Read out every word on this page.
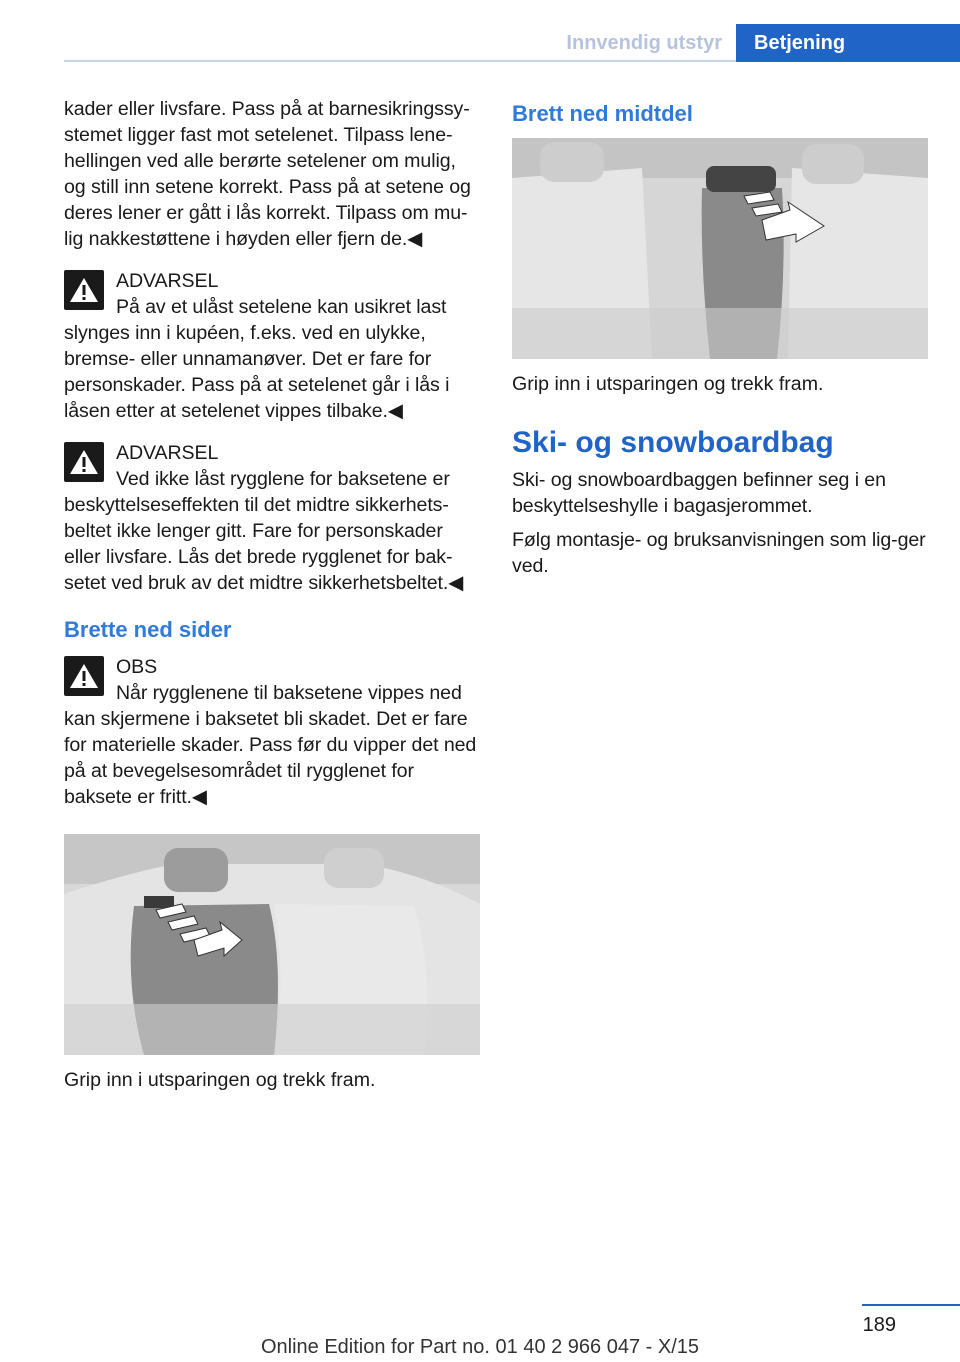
Innvendig utstyr	Betjening

kader eller livsfare. Pass på at barnesikringssy‐stemet ligger fast mot setelenet. Tilpass lene‐hellingen ved alle berørte setelener om mulig, og still inn setene korrekt. Pass på at setene og deres lener er gått i lås korrekt. Tilpass om mu‐lig nakkestøttene i høyden eller fjern de.◀

ADVARSEL
På av et ulåst setelene kan usikret last slynges inn i kupéen, f.eks. ved en ulykke, bremse- eller unnamanøver. Det er fare for personskader. Pass på at setelenet går i lås i låsen etter at setelenet vippes tilbake.◀
ADVARSEL
Ved ikke låst rygglene for baksetene er beskyttelseseffekten til det midtre sikkerhets‐beltet ikke lenger gitt. Fare for personskader eller livsfare. Lås det brede rygglenet for bak‐setet ved bruk av det midtre sikkerhetsbeltet.◀
Brette ned sider
OBS
Når rygglenene til baksetene vippes ned kan skjermene i baksetet bli skadet. Det er fare for materielle skader. Pass før du vipper det ned på at bevegelsesområdet til rygglenet for baksete er fritt.◀

Grip inn i utsparingen og trekk fram.

Brett ned midtdel

Grip inn i utsparingen og trekk fram.

Ski- og snowboardbag

Ski- og snowboardbaggen befinner seg i en beskyttelseshylle i bagasjerommet.

Følg montasje- og bruksanvisningen som lig‐ger ved.

189
Online Edition for Part no. 01 40 2 966 047 - X/15
